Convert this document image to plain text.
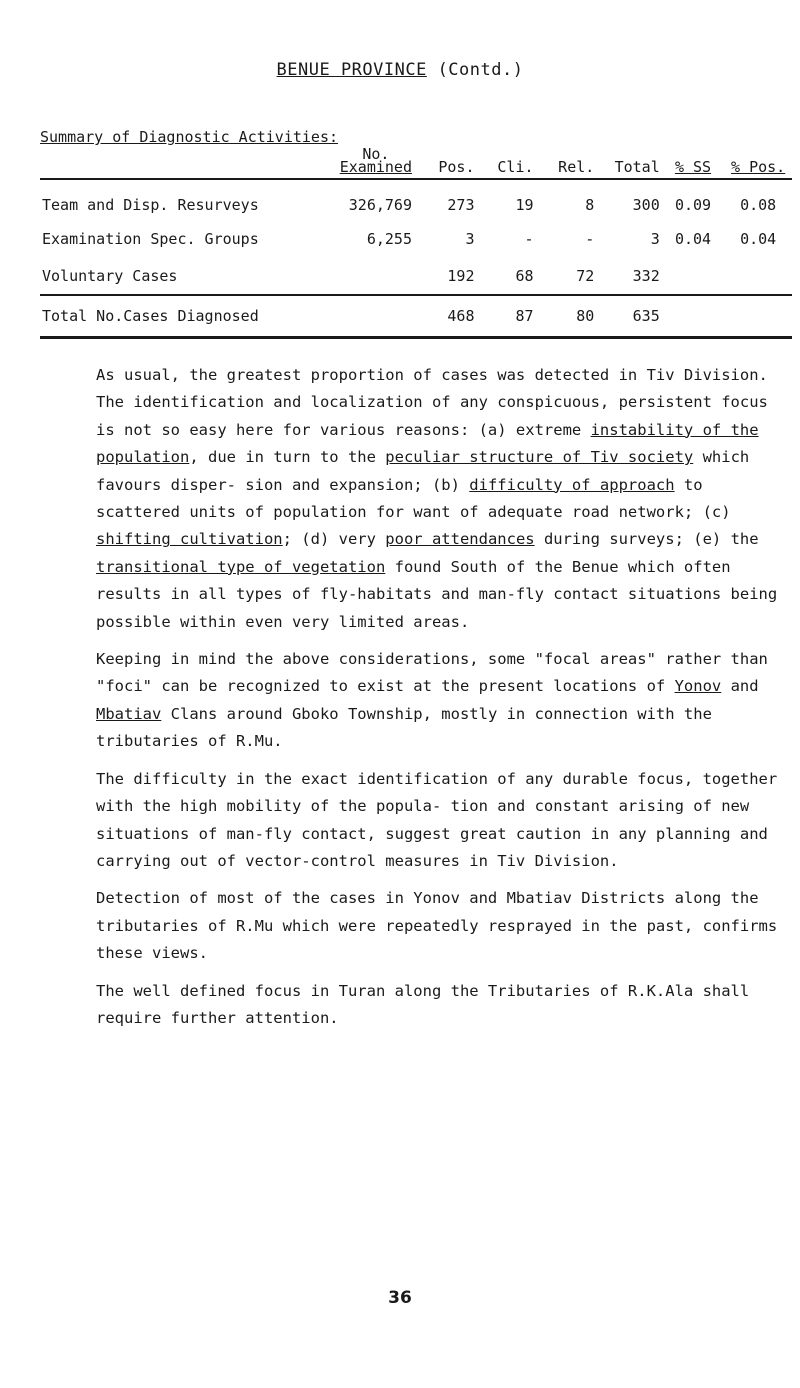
BENUE PROVINCE (Contd.)
Summary of Diagnostic Activities:
	No.
Examined	Pos.	Cli.	Rel.	Total	% SS	% Pos.
Team and Disp. Resurveys	326,769	273	19	8	300	0.09	0.08
Examination Spec. Groups	6,255	3	-	-	3	0.04	0.04
Voluntary Cases		192	68	72	332		
Total No.Cases Diagnosed		468	87	80	635		

As usual, the greatest proportion of cases was detected in Tiv Division. The identification and localization of any conspicuous, persistent focus is not so easy here for various reasons: (a) extreme instability of the population, due in turn to the peculiar structure of Tiv society which favours disper- sion and expansion; (b) difficulty of approach to scattered units of population for want of adequate road network; (c) shifting cultivation; (d) very poor attendances during surveys; (e) the transitional type of vegetation found South of the Benue which often results in all types of fly-habitats and man-fly contact situations being possible within even very limited areas.

Keeping in mind the above considerations, some "focal areas" rather than "foci" can be recognized to exist at the present locations of Yonov and Mbatiav Clans around Gboko Township, mostly in connection with the tributaries of R.Mu.

The difficulty in the exact identification of any durable focus, together with the high mobility of the popula- tion and constant arising of new situations of man-fly contact, suggest great caution in any planning and carrying out of vector-control measures in Tiv Division.

Detection of most of the cases in Yonov and Mbatiav Districts along the tributaries of R.Mu which were repeatedly resprayed in the past, confirms these views.

The well defined focus in Turan along the Tributaries of R.K.Ala shall require further attention.

36
